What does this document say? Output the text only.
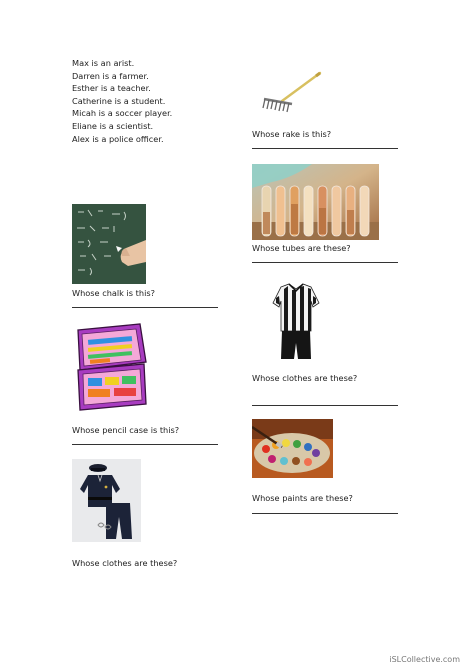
Max is an arist.
Darren is a farmer.
Esther is a teacher.
Catherine is a student.
Micah is a soccer player.
Eliane is a scientist.
Alex is a police officer.	Whose rake is this?
Whose tubes are these?
Whose clothes are these?
Whose paints are these?
Whose chalk is this?
Whose pencil case is this?
Whose clothes are these?
iSLCollective.com
